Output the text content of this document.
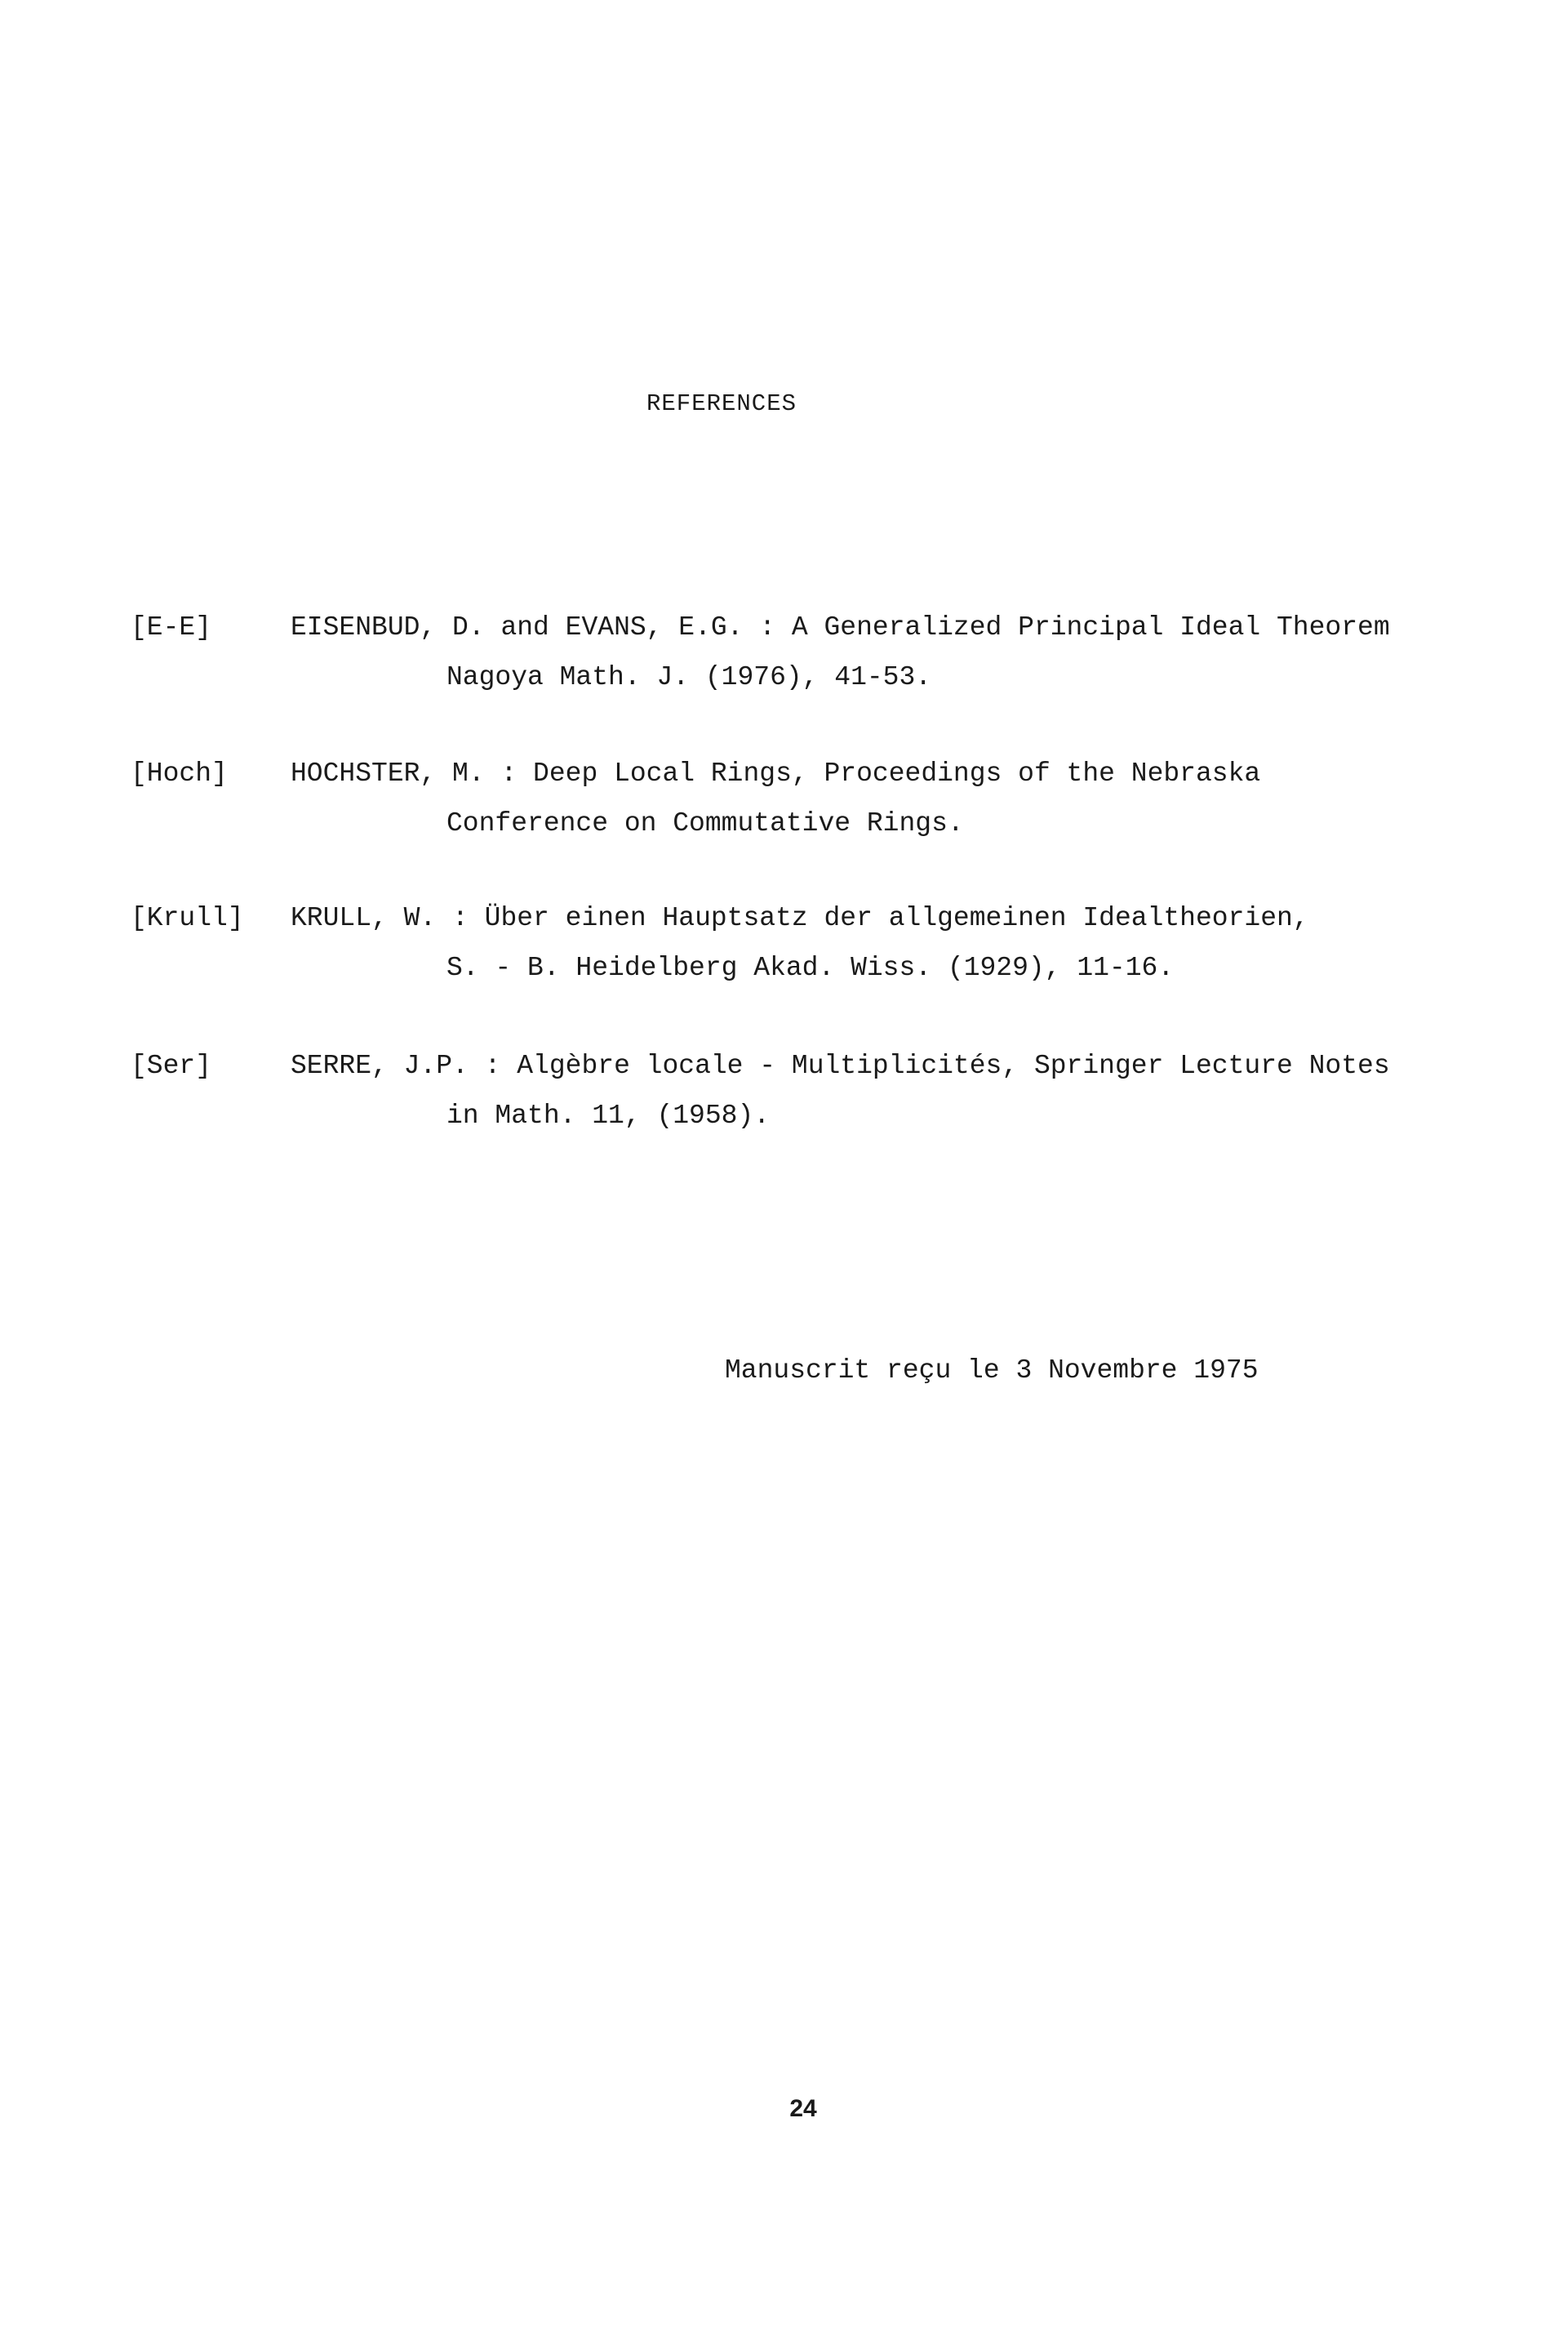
REFERENCES
[E-E]	EISENBUD, D. and EVANS, E.G. : A Generalized Principal Ideal Theorem
Nagoya Math. J. (1976), 41-53.
[Hoch] HOCHSTER, M. : Deep Local Rings, Proceedings of the Nebraska
Conference on Commutative Rings.
[Krull] KRULL, W. : Über einen Hauptsatz der allgemeinen Idealtheorien,
S. - B. Heidelberg Akad. Wiss. (1929), 11-16.
[Ser]	SERRE, J.P. : Algèbre locale - Multiplicités, Springer Lecture Notes
in Math. 11, (1958).
Manuscrit reçu le 3 Novembre 1975
24
